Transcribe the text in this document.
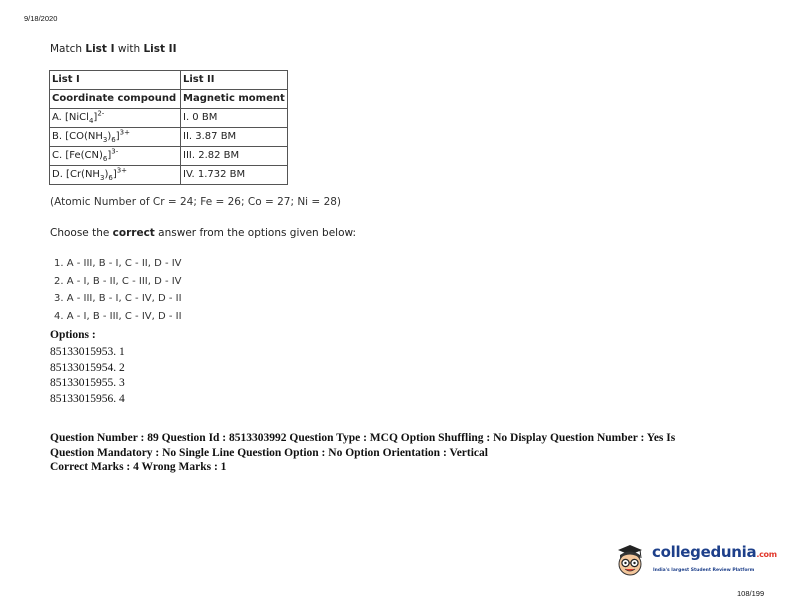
9/18/2020
Match List I with List II
List I	List II
Coordinate compound	Magnetic moment
A. [NiCl$_4$]$^{2-}$	I. 0 BM
B. $[CO(NH_3)_6]^{3+}$	II. 3.87 BM
C. $[Fe(CN)_6]^{3-}$	III. 2.82 BM
D. $[Cr(NH_3)_6]^{3+}$	IV. 1.732 BM
(Atomic Number of Cr = 24; Fe = 26; Co = 27; Ni = 28)
Choose the correct answer from the options given below:
1. A - III, B - I, C - II, D - IV
2. A - I, B - II, C - III, D - IV
3. A - III, B - I, C - IV, D - II
4. A - I, B - III, C - IV, D - II
Options :
85133015953. 1
85133015954. 2
85133015955. 3
85133015956. 4
Question Number : 89 Question Id : 8513303992 Question Type : MCQ Option Shuffling : No Display Question Number : Yes Is
Question Mandatory : No Single Line Question Option : No Option Orientation : Vertical
Correct Marks : 4 Wrong Marks : 1
collegedunia.com
India's largest Student Review Platform
108/199
